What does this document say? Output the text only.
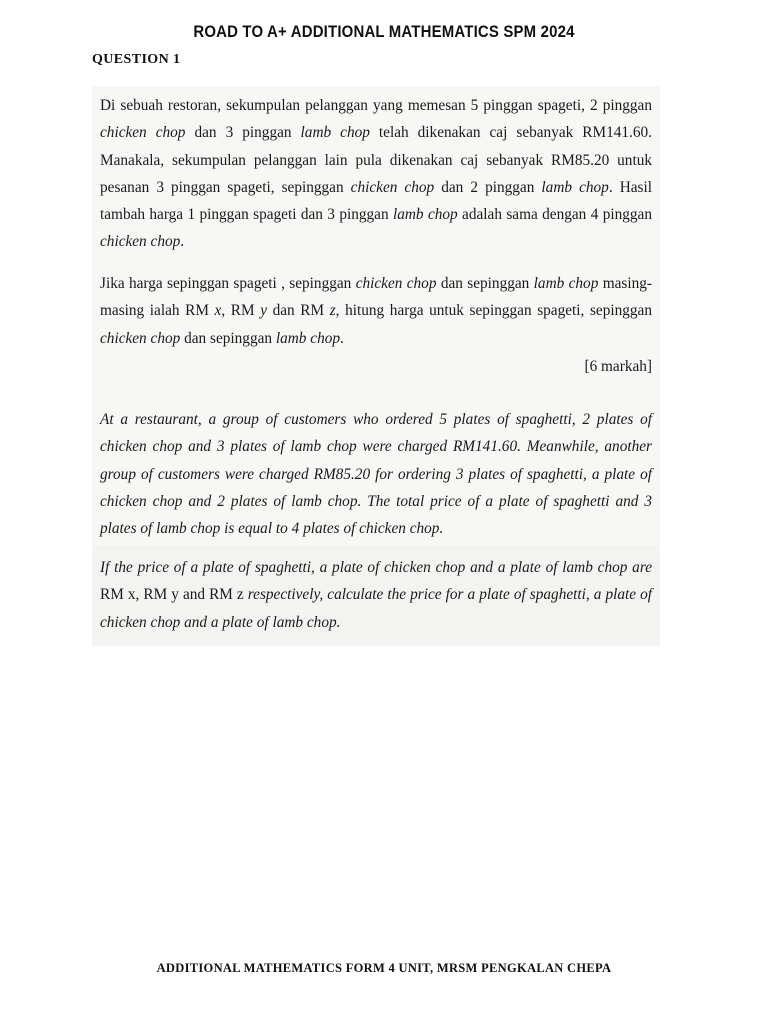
ROAD TO A+ ADDITIONAL MATHEMATICS SPM 2024
QUESTION 1
Di sebuah restoran, sekumpulan pelanggan yang memesan 5 pinggan spageti, 2 pinggan chicken chop dan 3 pinggan lamb chop telah dikenakan caj sebanyak RM141.60. Manakala, sekumpulan pelanggan lain pula dikenakan caj sebanyak RM85.20 untuk pesanan 3 pinggan spageti, sepinggan chicken chop dan 2 pinggan lamb chop. Hasil tambah harga 1 pinggan spageti dan 3 pinggan lamb chop adalah sama dengan 4 pinggan chicken chop.
Jika harga sepinggan spageti , sepinggan chicken chop dan sepinggan lamb chop masing-masing ialah RM x, RM y dan RM z, hitung harga untuk sepinggan spageti, sepinggan chicken chop dan sepinggan lamb chop.
[6 markah]
At a restaurant, a group of customers who ordered 5 plates of spaghetti, 2 plates of chicken chop and 3 plates of lamb chop were charged RM141.60. Meanwhile, another group of customers were charged RM85.20 for ordering 3 plates of spaghetti, a plate of chicken chop and 2 plates of lamb chop. The total price of a plate of spaghetti and 3 plates of lamb chop is equal to 4 plates of chicken chop.
If the price of a plate of spaghetti, a plate of chicken chop and a plate of lamb chop are RM x, RM y and RM z respectively, calculate the price for a plate of spaghetti, a plate of chicken chop and a plate of lamb chop.
ADDITIONAL MATHEMATICS FORM 4 UNIT, MRSM PENGKALAN CHEPA
